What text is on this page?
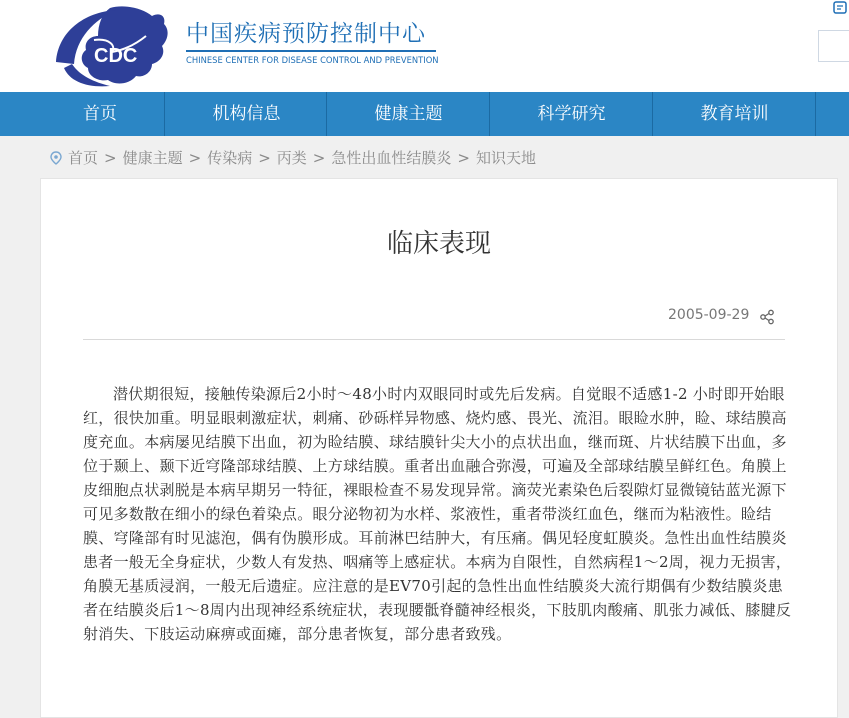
CDC
中国疾病预防控制中心
CHINESE CENTER FOR DISEASE CONTROL AND PREVENTION
首页	机构信息	健康主题	科学研究	教育培训
首页 > 健康主题 > 传染病 > 丙类 > 急性出血性结膜炎 > 知识天地
临床表现
2005-09-29
潜伏期很短，接触传染源后2小时～48小时内双眼同时或先后发病。自觉眼不适感1-2 小时即开始眼红，很快加重。明显眼刺激症状，刺痛、砂砾样异物感、烧灼感、畏光、流泪。眼睑水肿，睑、球结膜高度充血。本病屡见结膜下出血，初为睑结膜、球结膜针尖大小的点状出血，继而斑、片状结膜下出血，多位于颞上、颞下近穹隆部球结膜、上方球结膜。重者出血融合弥漫，可遍及全部球结膜呈鲜红色。角膜上皮细胞点状剥脱是本病早期另一特征，裸眼检查不易发现异常。滴荧光素染色后裂隙灯显微镜钴蓝光源下可见多数散在细小的绿色着染点。眼分泌物初为水样、浆液性，重者带淡红血色，继而为粘液性。睑结膜、穹隆部有时见滤泡，偶有伪膜形成。耳前淋巴结肿大，有压痛。偶见轻度虹膜炎。急性出血性结膜炎患者一般无全身症状，少数人有发热、咽痛等上感症状。本病为自限性，自然病程1～2周，视力无损害，角膜无基质浸润，一般无后遗症。应注意的是EV70引起的急性出血性结膜炎大流行期偶有少数结膜炎患者在结膜炎后1～8周内出现神经系统症状，表现腰骶脊髓神经根炎，下肢肌肉酸痛、肌张力减低、膝腱反射消失、下肢运动麻痹或面瘫，部分患者恢复，部分患者致残。
